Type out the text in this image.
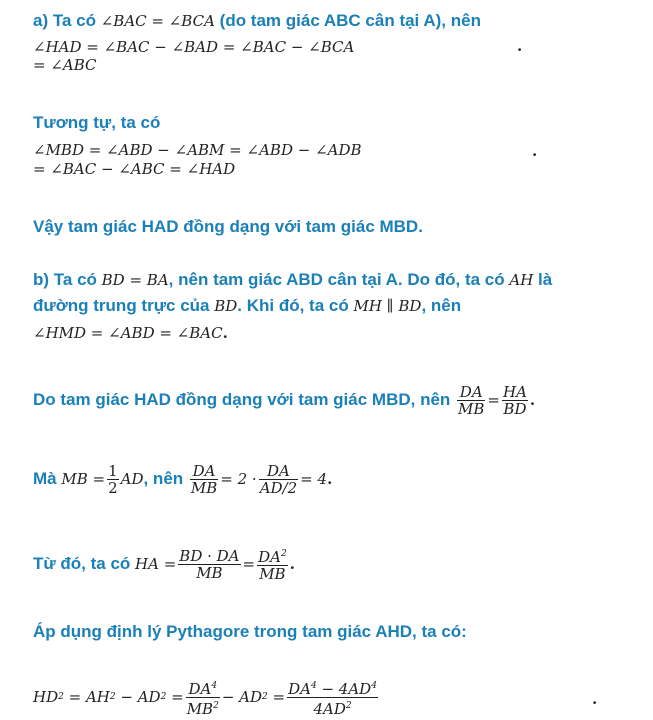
a) Ta có ∠BAC = ∠BCA (do tam giác ABC cân tại A), nên
∠HAD = ∠BAC − ∠BAD = ∠BAC − ∠BCA
= ∠ABC
.
Tương tự, ta có
∠MBD = ∠ABD − ∠ABM = ∠ABD − ∠ADB
= ∠BAC − ∠ABC = ∠HAD
.
Vậy tam giác HAD đồng dạng với tam giác MBD.
b) Ta có BD = BA, nên tam giác ABD cân tại A. Do đó, ta có AH là
đường trung trực của BD. Khi đó, ta có MH ∥ BD, nên
∠HMD = ∠ABD = ∠BAC.
Do tam giác HAD đồng dạng với tam giác MBD, nên
$\frac{DA}{MB} = \frac{HA}{BD}$ .
Mà
MB = $\frac{1}{2}$ AD , nên
$\frac{DA}{MB} = 2 \cdot \frac{DA}{AD/2} = 4$ .
Từ đó, ta có
HA = $\frac{BD \cdot DA}{MB} = \frac{DA^2}{MB}$ .
Áp dụng định lý Pythagore trong tam giác AHD, ta có:
HD 2
= AH 2
− AD 2
= $\frac{DA^4}{MB^2}$ − AD 2
= $\frac{DA^4 - 4AD^4}{4AD^2}$	.
